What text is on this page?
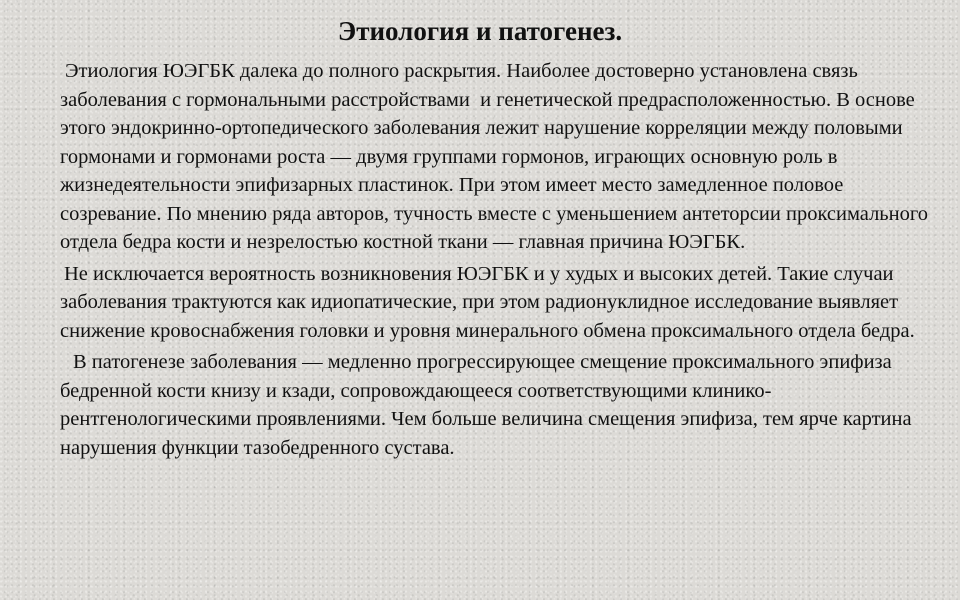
Этиология и патогенез.

Этиология ЮЭГБК далека до полного раскрытия. Наиболее достоверно установлена связь заболевания с гормональными расстройствами  и генетической предрасположенностью. В основе этого эндокринно-ортопедического заболевания лежит нарушение корреляции между половыми гормонами и гормонами роста — двумя группами гормонов, играющих основную роль в жизнедеятельности эпифизарных пластинок. При этом имеет место замедленное половое созревание. По мнению ряда авторов, тучность вместе с уменьшением антеторсии проксимального отдела бедра кости и незрелостью костной ткани — главная причина ЮЭГБК.

Не исключается вероятность возникновения ЮЭГБК и у худых и высоких детей. Такие случаи заболевания трактуются как идиопатические, при этом радионуклидное исследование выявляет снижение кровоснабжения головки и уровня минерального обмена проксимального отдела бедра.

В патогенезе заболевания — медленно прогрессирующее смещение проксимального эпифиза бедренной кости книзу и кзади, сопровождающееся соответствующими клинико-рентгенологическими проявлениями. Чем больше величина смещения эпифиза, тем ярче картина нарушения функции тазобедренного сустава.
